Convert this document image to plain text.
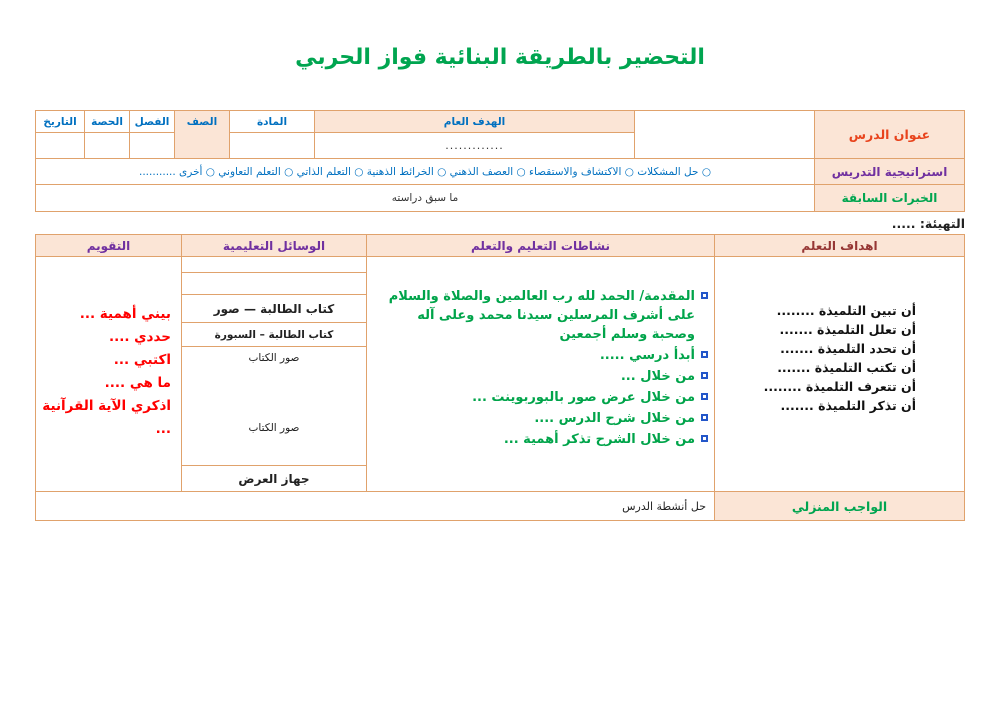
التحضير بالطريقة البنائية فواز الحربي
عنوان الدرس
الهدف العام
.............
المادة
الصف
الفصل
الحصة
التاريخ
استراتيجية التدريس
○ حل المشكلات ○ الاكتشاف والاستقصاء ○ العصف الذهني ○ الخرائط الذهنية ○ التعلم الذاتي ○ التعلم التعاوني ○ أخرى ...........
الخبرات السابقة
ما سبق دراسته
التهيئة: .....
اهداف التعلم
نشاطات التعليم والتعلم
الوسائل التعليمية
التقويم
أن تبين التلميذة ........
أن تعلل التلميذة .......
أن تحدد التلميذة .......
أن تكتب التلميذة .......
أن تتعرف التلميذة ........
أن تذكر التلميذة .......
المقدمة/ الحمد لله رب العالمين والصلاة والسلام على أشرف المرسلين سيدنا محمد وعلى آله وصحبة وسلم أجمعين
أبدأ درسي .....
من خلال ...
من خلال عرض صور بالبوربوينت ...
من خلال شرح الدرس ....
من خلال الشرح تذكر أهمية ...
كتاب الطالبة — صور
كتاب الطالبة – السبورة
صور الكتاب
صور الكتاب
جهاز العرض
بيني أهمية ...
حددي ....
اكتبي ...
ما هي ....
اذكري الآية القرآنية
...
الواجب المنزلي
حل أنشطة الدرس
